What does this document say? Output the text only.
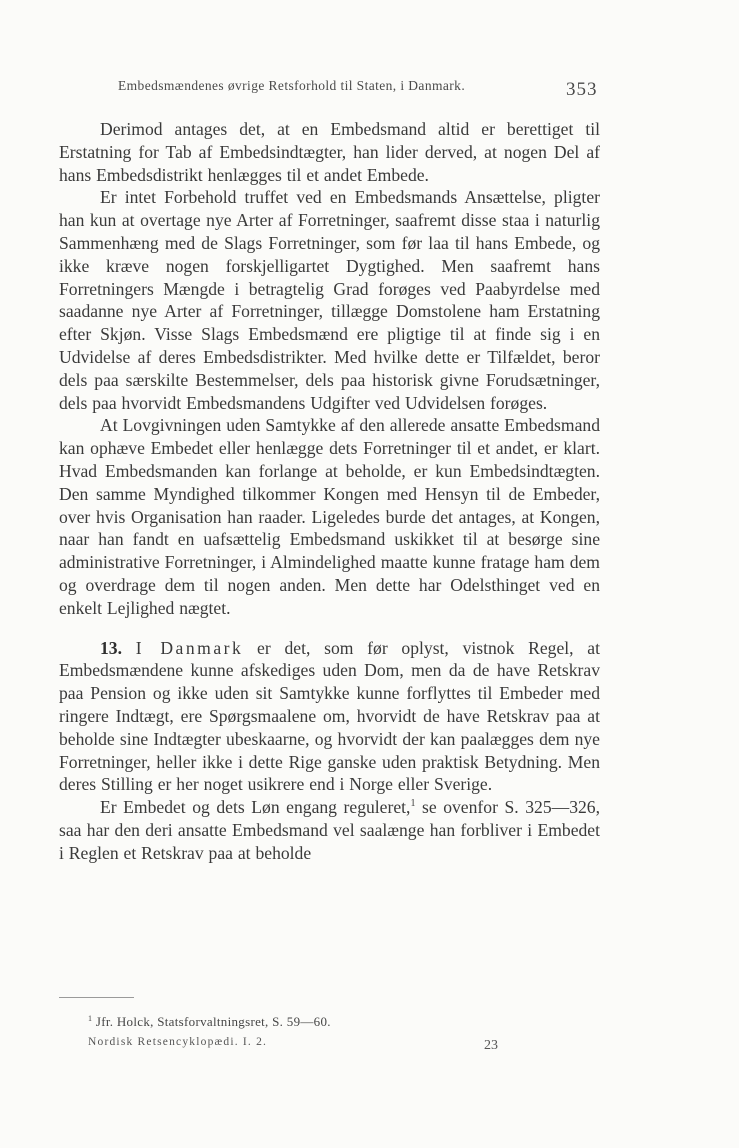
Embedsmændenes øvrige Retsforhold til Staten, i Danmark.	353

Derimod antages det, at en Embedsmand altid er berettiget til Erstatning for Tab af Embedsindtægter, han lider derved, at nogen Del af hans Embedsdistrikt henlægges til et andet Embede.

Er intet Forbehold truffet ved en Embedsmands Ansættelse, pligter han kun at overtage nye Arter af Forretninger, saafremt disse staa i naturlig Sammenhæng med de Slags Forretninger, som før laa til hans Embede, og ikke kræve nogen forskjelligartet Dygtighed. Men saafremt hans Forretningers Mængde i betragtelig Grad forøges ved Paabyrdelse med saadanne nye Arter af Forretninger, tillægge Domstolene ham Erstatning efter Skjøn. Visse Slags Embedsmænd ere pligtige til at finde sig i en Udvidelse af deres Embedsdistrikter. Med hvilke dette er Tilfældet, beror dels paa særskilte Bestemmelser, dels paa historisk givne Forudsætninger, dels paa hvorvidt Embedsmandens Udgifter ved Udvidelsen forøges.

At Lovgivningen uden Samtykke af den allerede ansatte Embedsmand kan ophæve Embedet eller henlægge dets Forretninger til et andet, er klart. Hvad Embedsmanden kan forlange at beholde, er kun Embedsindtægten. Den samme Myndighed tilkommer Kongen med Hensyn til de Embeder, over hvis Organisation han raader. Ligeledes burde det antages, at Kongen, naar han fandt en uafsættelig Embedsmand uskikket til at besørge sine administrative Forretninger, i Almindelighed maatte kunne fratage ham dem og overdrage dem til nogen anden. Men dette har Odelsthinget ved en enkelt Lejlighed nægtet.

13. I Danmark er det, som før oplyst, vistnok Regel, at Embedsmændene kunne afskediges uden Dom, men da de have Retskrav paa Pension og ikke uden sit Samtykke kunne forflyttes til Embeder med ringere Indtægt, ere Spørgsmaalene om, hvorvidt de have Retskrav paa at beholde sine Indtægter ubeskaarne, og hvorvidt der kan paalægges dem nye Forretninger, heller ikke i dette Rige ganske uden praktisk Betydning. Men deres Stilling er her noget usikrere end i Norge eller Sverige.

Er Embedet og dets Løn engang reguleret,$^1$ se ovenfor S. 325—326, saa har den deri ansatte Embedsmand vel saalænge han forbliver i Embedet i Reglen et Retskrav paa at beholde

$^1$ Jfr. Holck, Statsforvaltningsret, S. 59—60.
Nordisk Retsencyklopædi. I. 2.	23
